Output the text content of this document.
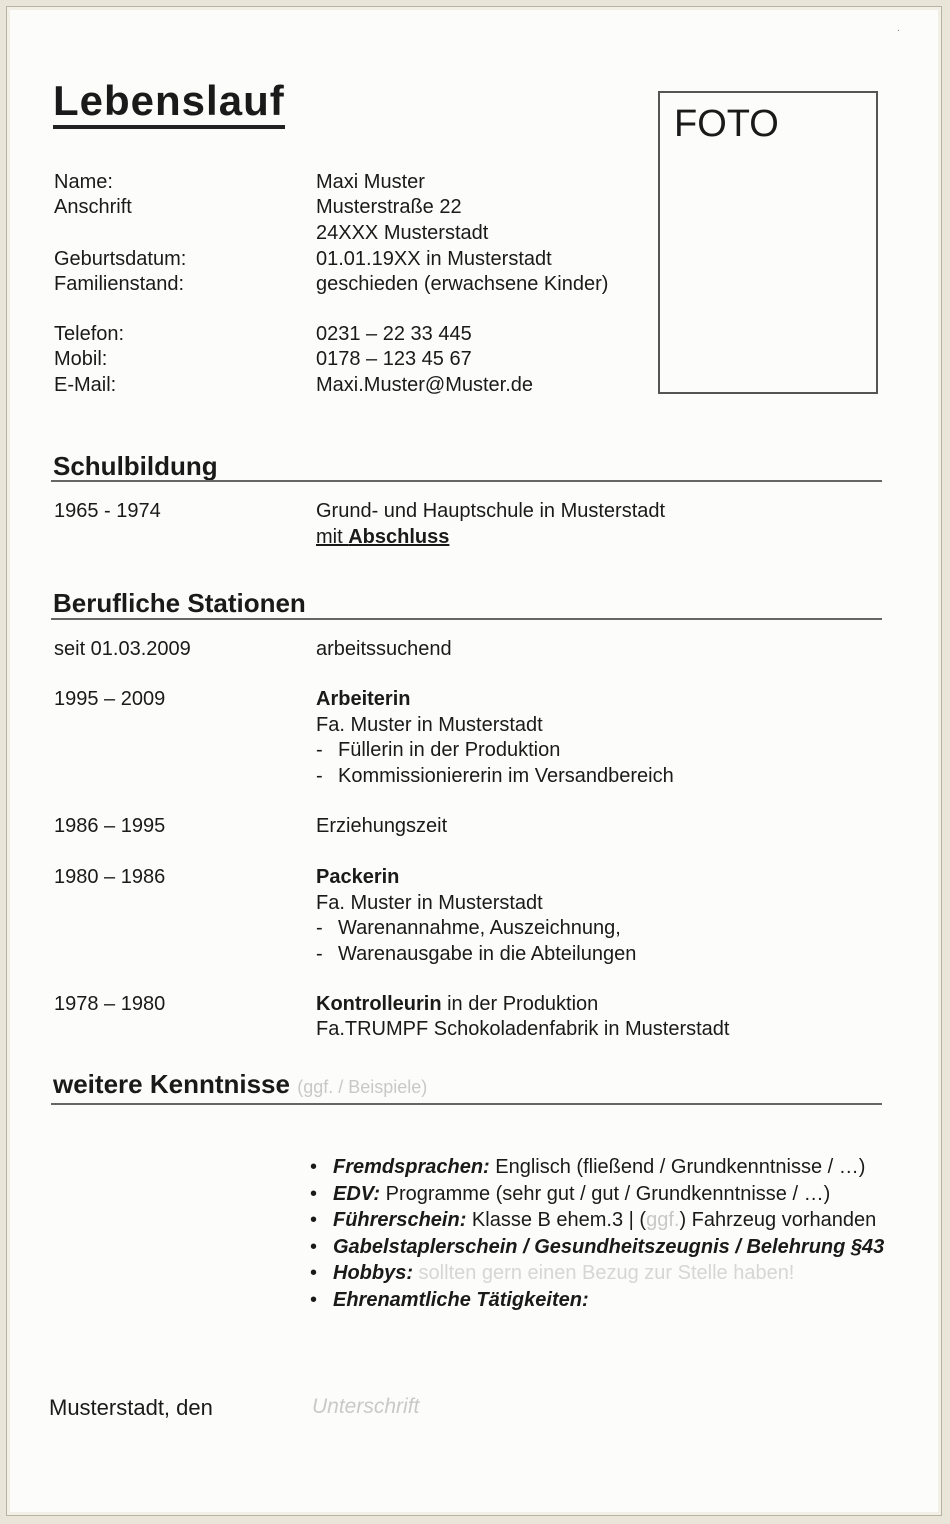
.
Lebenslauf	FOTO
Name:	Maxi Muster
Anschrift	Musterstraße 22
24XXX Musterstadt
Geburtsdatum:	01.01.19XX in Musterstadt
Familienstand:	geschieden (erwachsene Kinder)
Telefon:	0231 – 22 33 445
Mobil:	0178 – 123 45 67
E-Mail:	Maxi.Muster@Muster.de
Schulbildung
1965 - 1974	Grund- und Hauptschule in Musterstadt
mit Abschluss
Berufliche Stationen
seit 01.03.2009	arbeitssuchend
1995 – 2009	Arbeiterin
Fa. Muster in Musterstadt
- Füllerin in der Produktion
- Kommissioniererin im Versandbereich
1986 – 1995	Erziehungszeit
1980 – 1986	Packerin
Fa. Muster in Musterstadt
- Warenannahme, Auszeichnung,
- Warenausgabe in die Abteilungen
1978 – 1980	Kontrolleurin in der Produktion
Fa.TRUMPF Schokoladenfabrik in Musterstadt
weitere Kenntnisse (ggf. / Beispiele)
• Fremdsprachen: Englisch (fließend / Grundkenntnisse / …)
• EDV: Programme (sehr gut / gut / Grundkenntnisse / …)
• Führerschein: Klasse B ehem.3 | (ggf.) Fahrzeug vorhanden
• Gabelstaplerschein / Gesundheitszeugnis / Belehrung §43
• Hobbys: sollten gern einen Bezug zur Stelle haben!
• Ehrenamtliche Tätigkeiten:
Musterstadt, den	Unterschrift
